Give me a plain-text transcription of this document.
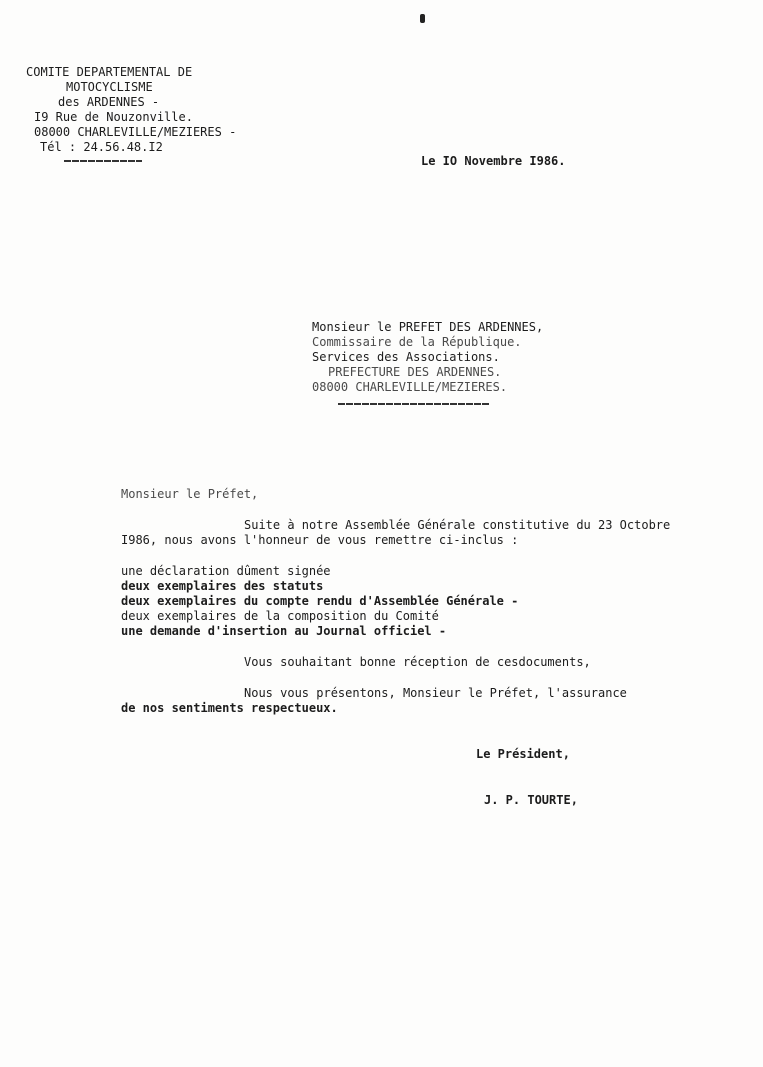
COMITE DEPARTEMENTAL DE

MOTOCYCLISME

des ARDENNES -

I9 Rue de Nouzonville.

08000 CHARLEVILLE/MEZIERES -

Tél : 24.56.48.I2

Le IO Novembre I986.

Monsieur le PREFET DES ARDENNES,

Commissaire de la République.

Services des Associations.

PREFECTURE DES ARDENNES.

08000 CHARLEVILLE/MEZIERES.

Monsieur le Préfet,

Suite à notre Assemblée Générale constitutive du 23 Octobre

I986, nous avons l'honneur de vous remettre ci-inclus :

une déclaration dûment signée

deux exemplaires des statuts

deux exemplaires du compte rendu d'Assemblée Générale -

deux exemplaires de la composition du Comité

une demande d'insertion au Journal officiel -

Vous souhaitant bonne réception de cesdocuments,

Nous vous présentons, Monsieur le Préfet, l'assurance

de nos sentiments respectueux.

Le Président,

J. P. TOURTE,
